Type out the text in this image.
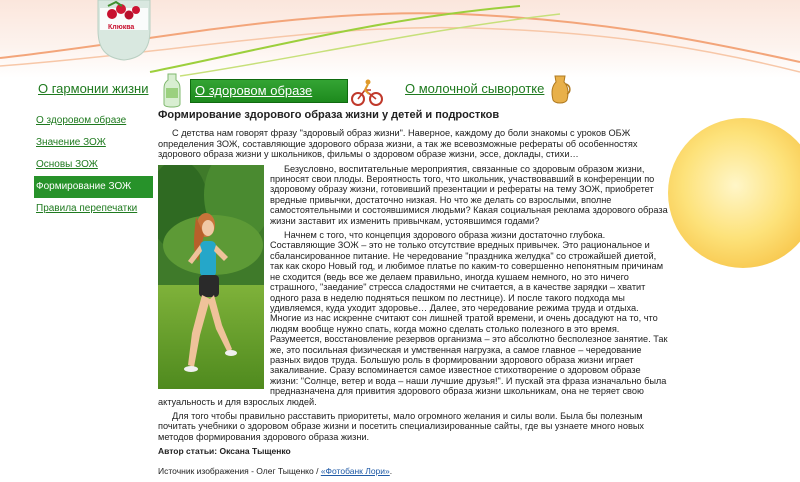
Клюква
О гармонии жизни	О здоровом образе жизни
О молочной сыворотке
О здоровом образе
Значение ЗОЖ
Основы ЗОЖ
Формирование ЗОЖ
Правила перепечатки
Формирование здорового образа жизни у детей и подростков

С детства нам говорят фразу "здоровый образ жизни". Наверное, каждому до боли знакомы с уроков ОБЖ определения ЗОЖ, составляющие здорового образа жизни, а так же всевозможные рефераты об особенностях здорового образа жизни у школьников, фильмы о здоровом образе жизни, эссе, доклады, стихи…

Безусловно, воспитательные мероприятия, связанные со здоровым образом жизни, приносят свои плоды. Вероятность того, что школьник, участвовавший в конференции по здоровому образу жизни, готовивший презентации и рефераты на тему ЗОЖ, приобретет вредные привычки, достаточно низкая. Но что же делать со взрослыми, вполне самостоятельными и состоявшимися людьми? Какая социальная реклама здорового образа жизни заставит их изменить привычкам, устоявшимся годами?

Начнем с того, что концепция здорового образа жизни достаточно глубока. Составляющие ЗОЖ – это не только отсутствие вредных привычек. Это рациональное и сбалансированное питание. Не чередование "праздника желудка" со строжайшей диетой, так как скоро Новый год, и любимое платье по каким-то совершенно непонятным причинам не сходится (ведь все же делаем правильно, иногда кушаем немного, но это ничего страшного, "заедание" стресса сладостями не считается, а в качестве зарядки – хватит одного раза в неделю подняться пешком по лестнице). И после такого подхода мы удивляемся, куда уходит здоровье… Далее, это чередование режима труда и отдыха. Многие из нас искренне считают сон лишней тратой времени, и очень досадуют на то, что людям вообще нужно спать, когда можно сделать столько полезного в это время. Разумеется, восстановление резервов организма – это абсолютно бесполезное занятие. Так же, это посильная физическая и умственная нагрузка, а самое главное – чередование разных видов труда. Большую роль в формировании здорового образа жизни играет закаливание. Сразу вспоминается самое известное стихотворение о здоровом образе жизни: "Солнце, ветер и вода – наши лучшие друзья!". И пускай эта фраза изначально была предназначена для привития здорового образа жизни школьникам, она не теряет свою актуальность и для взрослых людей.

Для того чтобы правильно расставить приоритеты, мало огромного желания и силы воли. Была бы полезным почитать учебники о здоровом образе жизни и посетить специализированные сайты, где вы узнаете много новых методов формирования здорового образа жизни.

Автор статьи: Оксана Тыщенко
Источник изображения - Олег Тыщенко / «Фотобанк Лори».
